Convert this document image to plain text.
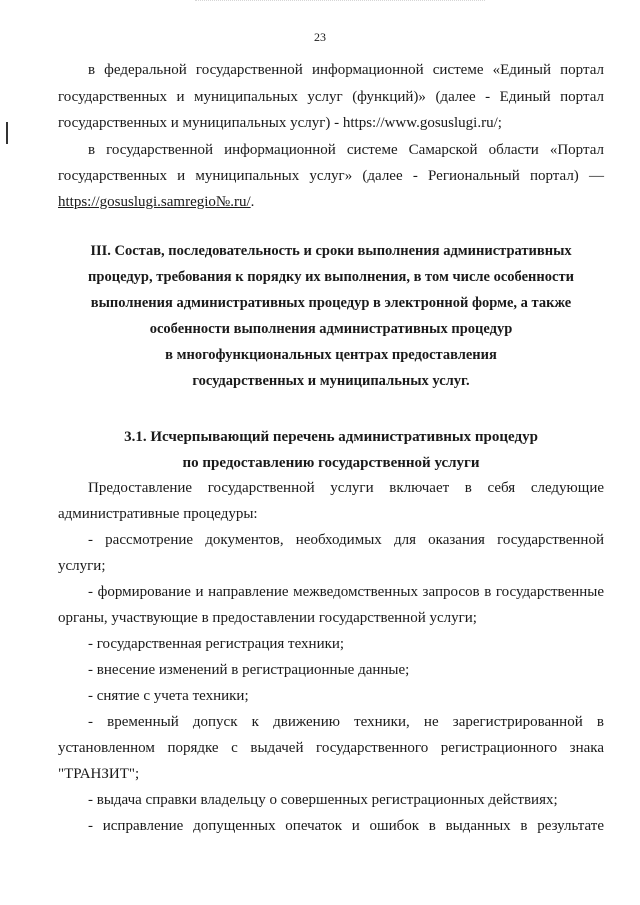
23
в федеральной государственной информационной системе «Единый портал
государственных и муниципальных услуг (функций)» (далее - Единый портал
государственных и муниципальных услуг) - https://www.gosuslugi.ru/;
в государственной информационной системе Самарской области «Портал
государственных и муниципальных услуг» (далее - Региональный портал) —
https://gosuslugi.samregio№.ru/.
III. Состав, последовательность и сроки выполнения административных
процедур, требования к порядку их выполнения, в том числе особенности
выполнения административных процедур в электронной форме, а также
особенности выполнения административных процедур
в многофункциональных центрах предоставления
государственных и муниципальных услуг.
3.1. Исчерпывающий перечень административных процедур
по предоставлению государственной услуги
Предоставление государственной услуги включает в себя следующие
административные процедуры:
- рассмотрение документов, необходимых для оказания государственной
услуги;
- формирование и направление межведомственных запросов в государственные
органы, участвующие в предоставлении государственной услуги;
- государственная регистрация техники;
- внесение изменений в регистрационные данные;
- снятие с учета техники;
- временный допуск к движению техники, не зарегистрированной в
установленном порядке с выдачей государственного регистрационного знака
"ТРАНЗИТ";
- выдача справки владельцу о совершенных регистрационных действиях;
- исправление допущенных опечаток и ошибок в выданных в результате
